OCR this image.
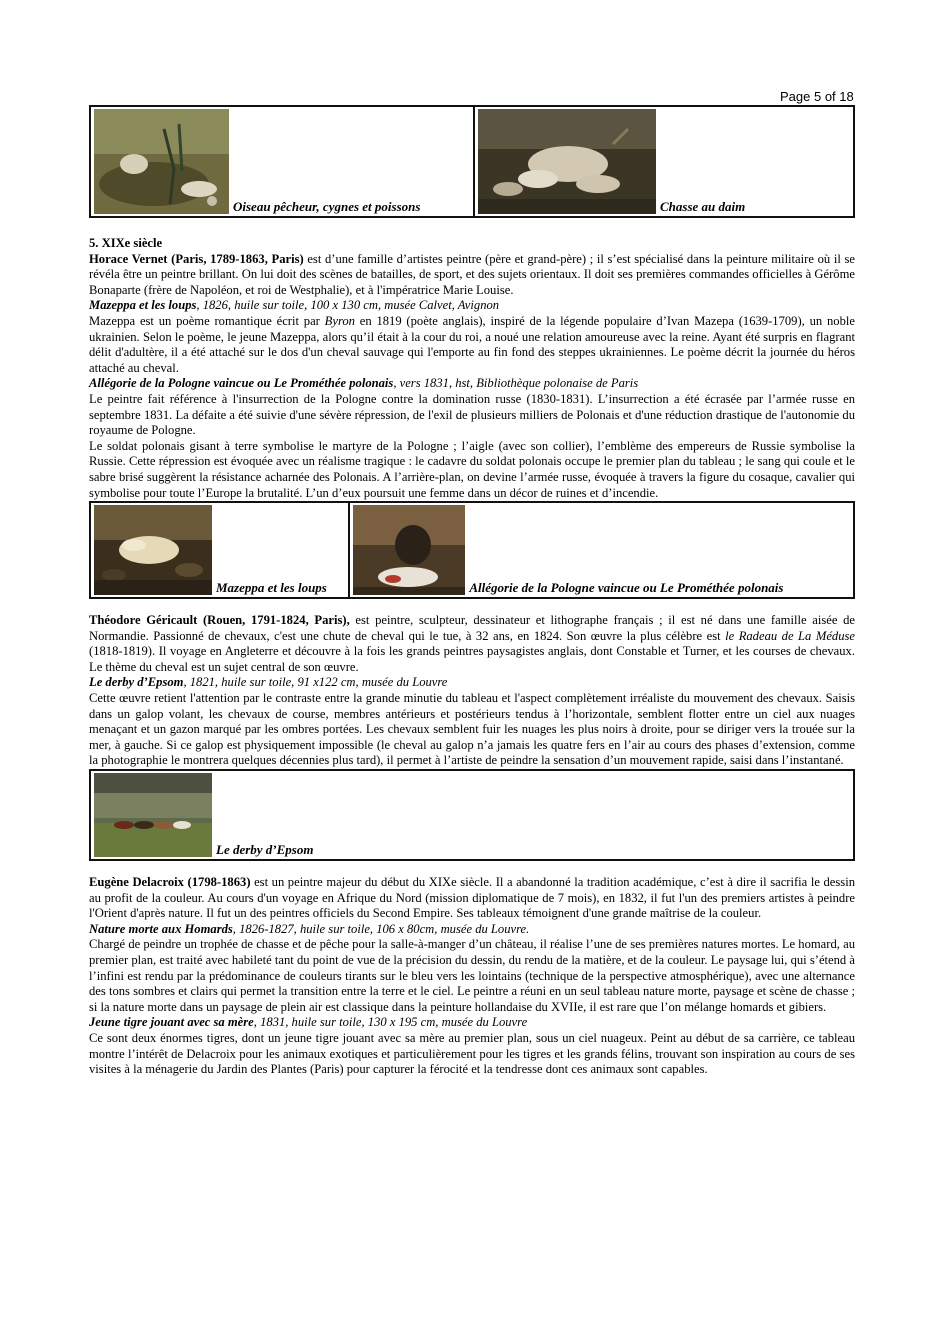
Page 5 of 18
Oiseau pêcheur, cygnes et poissons	Chasse au daim

5. XIXe siècle

Horace Vernet (Paris, 1789-1863, Paris) est d’une famille d’artistes peintre (père et grand-père) ; il s’est spécialisé dans la peinture militaire où il se révéla être un peintre brillant. On lui doit des scènes de batailles, de sport, et des sujets orientaux. Il doit ses premières commandes officielles à Gérôme Bonaparte (frère de Napoléon, et roi de Westphalie), et à l'impératrice Marie Louise.

Mazeppa et les loups, 1826, huile sur toile, 100 x 130 cm, musée Calvet, Avignon

Mazeppa est un poème romantique écrit par Byron en 1819 (poète anglais), inspiré de la légende populaire d’Ivan Mazepa (1639-1709), un noble ukrainien. Selon le poème, le jeune Mazeppa, alors qu’il était à la cour du roi, a noué une relation amoureuse avec la reine. Ayant été surpris en flagrant délit d'adultère, il a été attaché sur le dos d'un cheval sauvage qui l'emporte au fin fond des steppes ukrainiennes. Le poème décrit la journée du héros attaché au cheval.

Allégorie de la Pologne vaincue ou Le Prométhée polonais, vers 1831, hst, Bibliothèque polonaise de Paris

Le peintre fait référence à l'insurrection de la Pologne contre la domination russe (1830-1831). L’insurrection a été écrasée par l’armée russe en septembre 1831. La défaite a été suivie d'une sévère répression, de l'exil de plusieurs milliers de Polonais et d'une réduction drastique de l'autonomie du royaume de Pologne.

Le soldat polonais gisant à terre symbolise le martyre de la Pologne ; l’aigle (avec son collier), l’emblème des empereurs de Russie symbolise la Russie. Cette répression est évoquée avec un réalisme tragique : le cadavre du soldat polonais occupe le premier plan du tableau ; le sang qui coule et le sabre brisé suggèrent la résistance acharnée des Polonais. A l’arrière-plan, on devine l’armée russe, évoquée à travers la figure du cosaque, cavalier qui symbolise pour toute l’Europe la brutalité. L’un d’eux poursuit une femme dans un décor de ruines et d’incendie.

Mazeppa et les loups	Allégorie de la Pologne vaincue ou Le Prométhée polonais

Théodore Géricault (Rouen, 1791-1824, Paris), est peintre, sculpteur, dessinateur et lithographe français ; il est né dans une famille aisée de Normandie. Passionné de chevaux, c'est une chute de cheval qui le tue, à 32 ans, en 1824. Son œuvre la plus célèbre est le Radeau de La Méduse (1818-1819). Il voyage en Angleterre et découvre à la fois les grands peintres paysagistes anglais, dont Constable et Turner, et les courses de chevaux. Le thème du cheval est un sujet central de son œuvre.

Le derby d’Epsom, 1821, huile sur toile, 91 x122 cm, musée du Louvre

Cette œuvre retient l'attention par le contraste entre la grande minutie du tableau et l'aspect complètement irréaliste du mouvement des chevaux. Saisis dans un galop volant, les chevaux de course, membres antérieurs et postérieurs tendus à l’horizontale, semblent flotter entre un ciel aux nuages menaçant et un gazon marqué par les ombres portées. Les chevaux semblent fuir les nuages les plus noirs à droite, pour se diriger vers la trouée sur la mer, à gauche. Si ce galop est physiquement impossible (le cheval au galop n’a jamais les quatre fers en l’air au cours des phases d’extension, comme la photographie le montrera quelques décennies plus tard), il permet à l’artiste de peindre la sensation d’un mouvement rapide, saisi dans l’instantané.

Le derby d’Epsom

Eugène Delacroix (1798-1863) est un peintre majeur du début du XIXe siècle. Il a abandonné la tradition académique, c’est à dire il sacrifia le dessin au profit de la couleur. Au cours d'un voyage en Afrique du Nord (mission diplomatique de 7 mois), en 1832, il fut l'un des premiers artistes à peindre l'Orient d'après nature. Il fut un des peintres officiels du Second Empire. Ses tableaux témoignent d'une grande maîtrise de la couleur.

Nature morte aux Homards, 1826-1827, huile sur toile, 106 x 80cm, musée du Louvre.

Chargé de peindre un trophée de chasse et de pêche pour la salle-à-manger d’un château, il réalise l’une de ses premières natures mortes. Le homard, au premier plan, est traité avec habileté tant du point de vue de la précision du dessin, du rendu de la matière, et de la couleur. Le paysage lui, qui s’étend à l’infini est rendu par la prédominance de couleurs tirants sur le bleu vers les lointains (technique de la perspective atmosphérique), avec une alternance des tons sombres et clairs qui permet la transition entre la terre et le ciel. Le peintre a réuni en un seul tableau nature morte, paysage et scène de chasse ; si la nature morte dans un paysage de plein air est classique dans la peinture hollandaise du XVIIe, il est rare que l’on mélange homards et gibiers.

Jeune tigre jouant avec sa mère, 1831, huile sur toile, 130 x 195 cm, musée du Louvre

Ce sont deux énormes tigres, dont un jeune tigre jouant avec sa mère au premier plan, sous un ciel nuageux. Peint au début de sa carrière, ce tableau montre l’intérêt de Delacroix pour les animaux exotiques et particulièrement pour les tigres et les grands félins, trouvant son inspiration au cours de ses visites à la ménagerie du Jardin des Plantes (Paris) pour capturer la férocité et la tendresse dont ces animaux sont capables.
